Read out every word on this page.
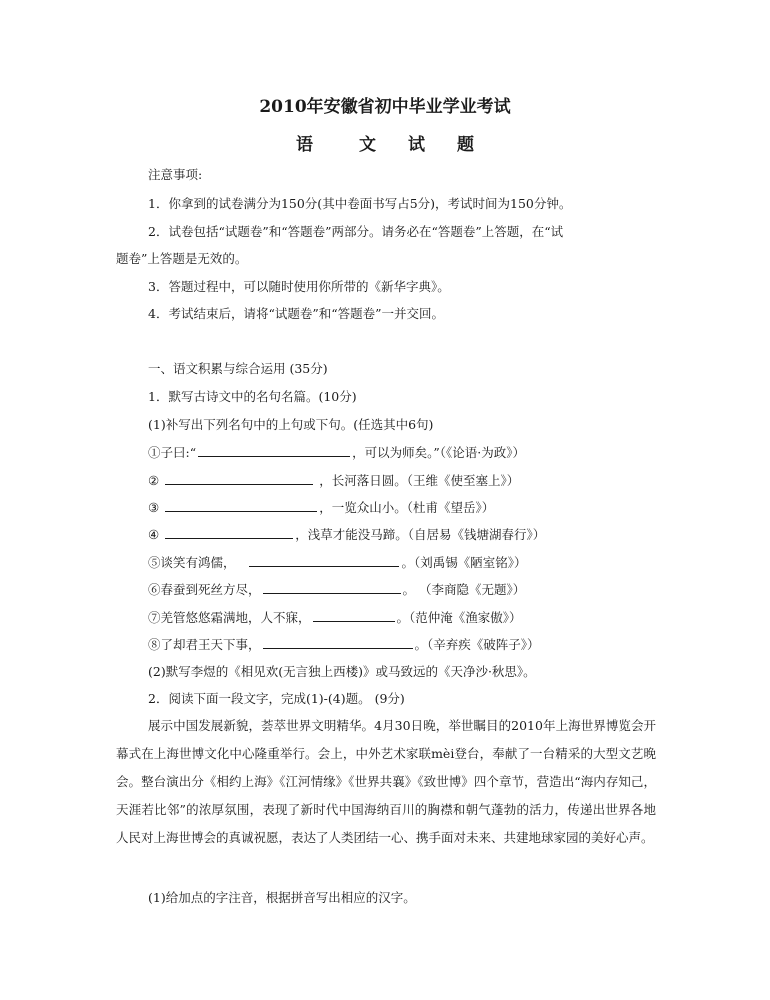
2010年安徽省初中毕业学业考试
语	文 试 题
注意事项:
1．你拿到的试卷满分为150分(其中卷面书写占5分)，考试时间为150分钟。
2．试卷包括“试题卷”和“答题卷”两部分。请务必在“答题卷”上答题，在“试
题卷”上答题是无效的。
3．答题过程中，可以随时使用你所带的《新华字典》。
4．考试结束后，请将“试题卷”和“答题卷”一并交回。
一、语文积累与综合运用 (35分)
1．默写古诗文中的名句名篇。(10分)
(1)补写出下列名句中的上句或下句。(任选其中6句)
①子曰:“	，可以为师矣。”（《论语·为政》）
②	，长河落日圆。（王维《使至塞上》）
③	，一览众山小。（杜甫《望岳》）
④	，浅草才能没马蹄。（自居易《钱塘湖春行》）
⑤谈笑有鸿儒，	。（刘禹锡《陋室铭》）
⑥春蚕到死丝方尽，	。 （李商隐《无题》）
⑦羌管悠悠霜满地，人不寐，	。（范仲淹《渔家傲》）
⑧了却君王天下事，	。（辛弃疾《破阵子》）
(2)默写李煜的《相见欢(无言独上西楼)》或马致远的《天净沙·秋思》。
2．阅读下面一段文字，完成(1)-(4)题。 (9分)
展示中国发展新貌，荟萃世界文明精华。4月30日晚，举世瞩目的2010年上海世界博览会开幕式在上海世博文化中心隆重举行。会上，中外艺术家联mèi登台，奉献了一台精采的大型文艺晚会。整台演出分《相约上海》《江河情缘》《世界共襄》《致世博》四个章节，营造出“海内存知己，天涯若比邻”的浓厚氛围，表现了新时代中国海纳百川的胸襟和朝气蓬勃的活力，传递出世界各地人民对上海世博会的真诚祝愿，表达了人类团结一心、携手面对未来、共建地球家园的美好心声。
(1)给加点的字注音，根据拼音写出相应的汉字。
